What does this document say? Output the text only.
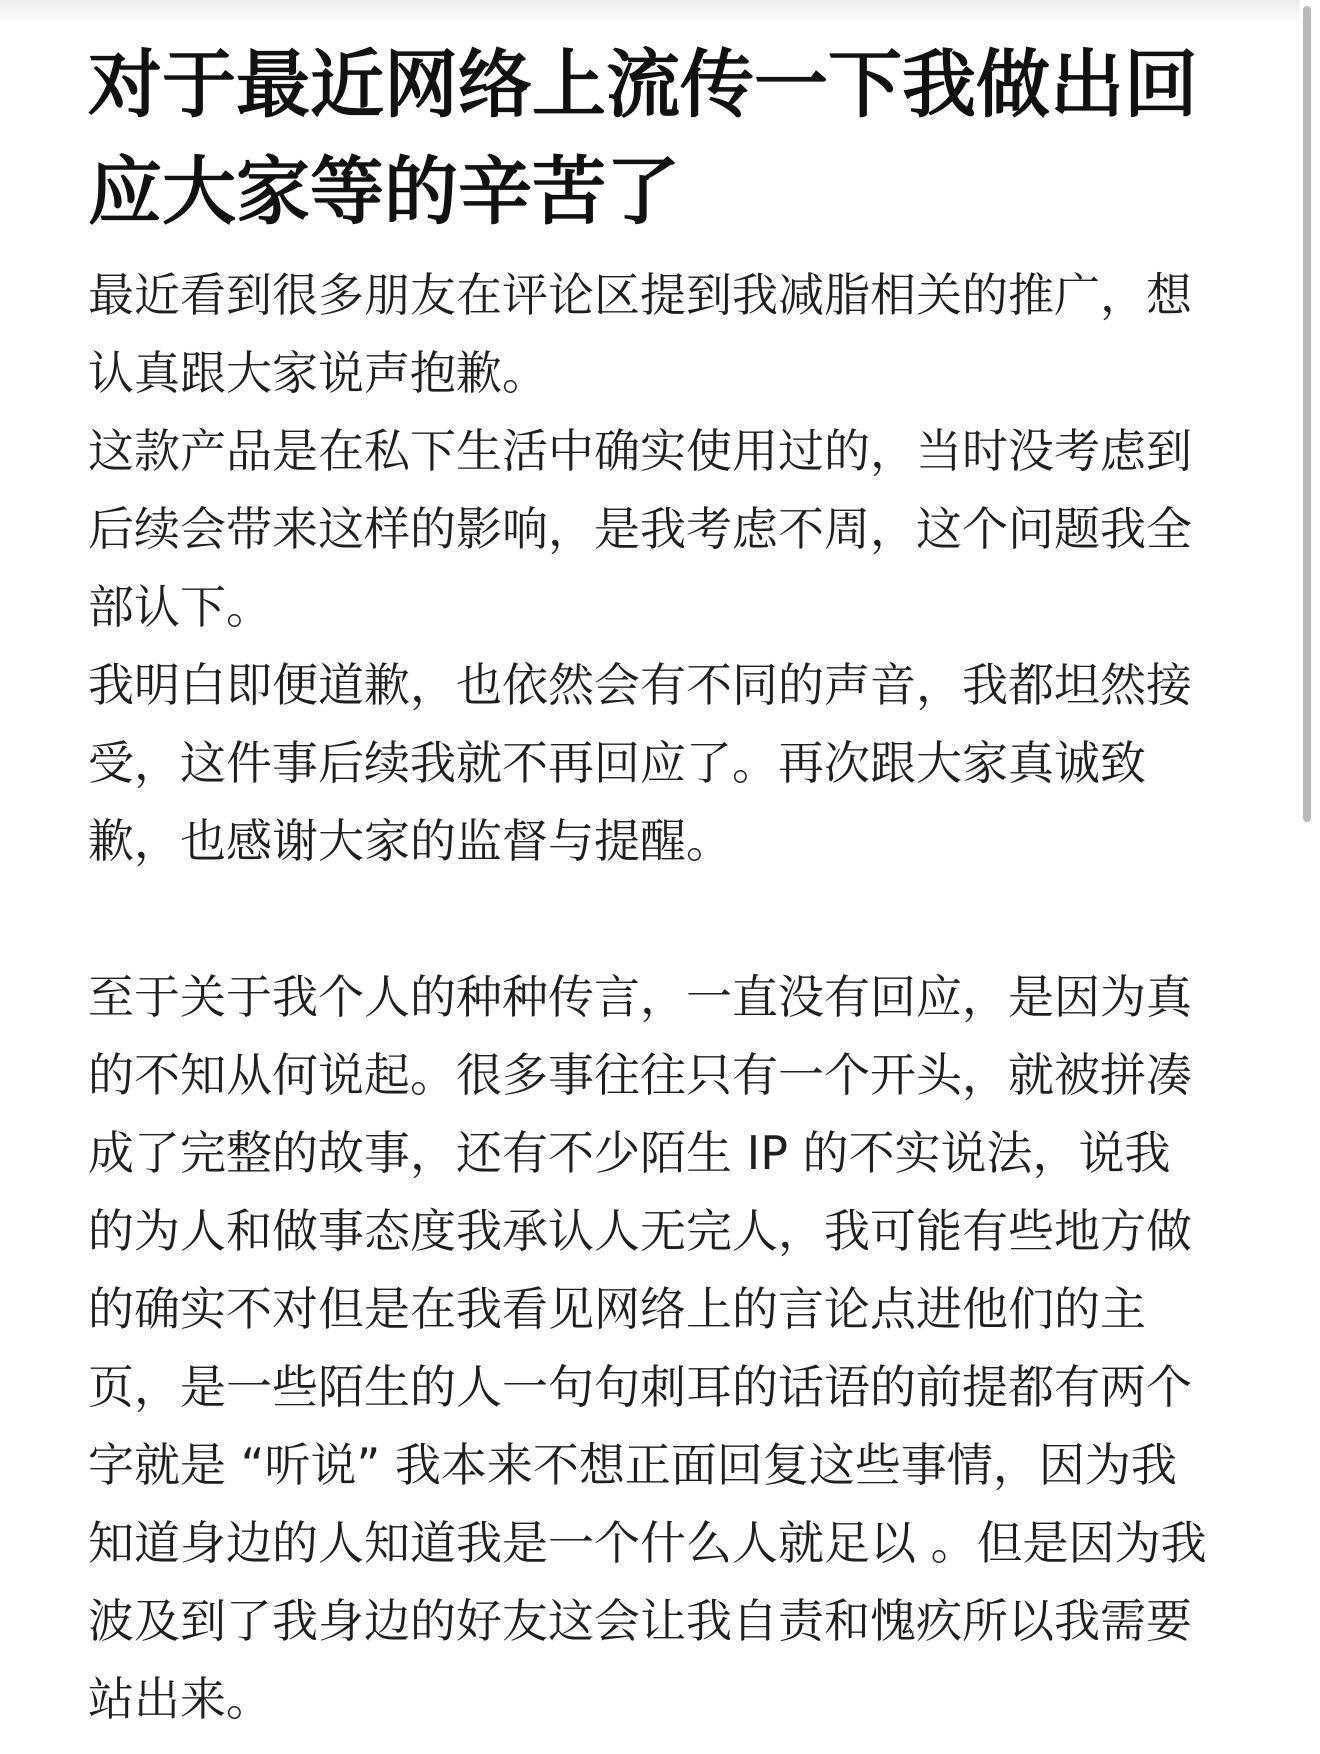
对于最近网络上流传一下我做出回应大家等的辛苦了

最近看到很多朋友在评论区提到我减脂相关的推广，想认真跟大家说声抱歉。

这款产品是在私下生活中确实使用过的，当时没考虑到后续会带来这样的影响，是我考虑不周，这个问题我全部认下。

我明白即便道歉，也依然会有不同的声音，我都坦然接受，这件事后续我就不再回应了。再次跟大家真诚致歉，也感谢大家的监督与提醒。

至于关于我个人的种种传言，一直没有回应，是因为真的不知从何说起。很多事往往只有一个开头，就被拼凑成了完整的故事，还有不少陌生 IP 的不实说法，说我的为人和做事态度我承认人无完人，我可能有些地方做的确实不对但是在我看见网络上的言论点进他们的主页，是一些陌生的人一句句刺耳的话语的前提都有两个字就是 “听说” 我本来不想正面回复这些事情，因为我知道身边的人知道我是一个什么人就足以 。但是因为我波及到了我身边的好友这会让我自责和愧疚所以我需要站出来。
